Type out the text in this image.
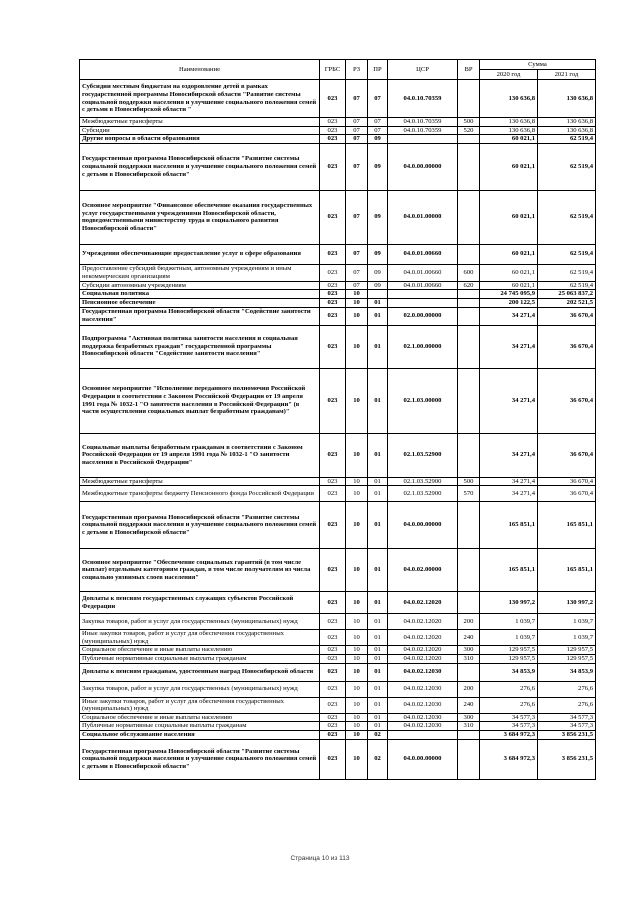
Наименование	ГРБС	РЗ	ПР	ЦСР	ВР	Сумма	
						2020 год	2021 год
Субсидии местным бюджетам на оздоровление детей в рамках государственной программы Новосибирской области "Развитие системы социальной поддержки населения и улучшение социального положения семей с детьми в Новосибирской области "	023	07	07	04.0.10.70359		130 636,8	130 636,8
Межбюджетные трансферты	023	07	07	04.0.10.70359	500	130 636,8	130 636,8
Субсидии	023	07	07	04.0.10.70359	520	130 636,8	130 636,8
Другие вопросы в области образования	023	07	09			60 021,1	62 519,4
Государственная программа Новосибирской области "Развитие системы социальной поддержки населения и улучшение социального положения семей с детьми в Новосибирской области"	023	07	09	04.0.00.00000		60 021,1	62 519,4
Основное мероприятие "Финансовое обеспечение оказания государственных услуг государственными учреждениями Новосибирской области, подведомственными министерству труда и социального развития Новосибирской области"	023	07	09	04.0.01.00000		60 021,1	62 519,4
Учреждения обеспечивающие предоставление услуг в сфере образования	023	07	09	04.0.01.00660		60 021,1	62 519,4
Предоставление субсидий бюджетным, автономным учреждениям и иным некоммерческим организациям	023	07	09	04.0.01.00660	600	60 021,1	62 519,4
Субсидии автономным учреждениям	023	07	09	04.0.01.00660	620	60 021,1	62 519,4
Социальная политика	023	10				24 745 095,9	25 063 837,2
Пенсионное обеспечение	023	10	01			200 122,5	202 521,5
Государственная программа Новосибирской области "Содействие занятости населения"	023	10	01	02.0.00.00000		34 271,4	36 670,4
Подпрограмма "Активная политика занятости населения и социальная поддержка безработных граждан" государственной программы Новосибирской области "Содействие занятости населения"	023	10	01	02.1.00.00000		34 271,4	36 670,4
Основное мероприятие "Исполнение переданного полномочия Российской Федерации в соответствии с Законом Российской Федерации от 19 апреля 1991 года № 1032-1 "О занятости населения в Российской Федерации" (в части осуществления социальных выплат безработным гражданам)"	023	10	01	02.1.03.00000		34 271,4	36 670,4
Социальные выплаты безработным гражданам в соответствии с Законом Российской Федерации от 19 апреля 1991 года № 1032-1 "О занятости населения в Российской Федерации"	023	10	01	02.1.03.52900		34 271,4	36 670,4
Межбюджетные трансферты	023	10	01	02.1.03.52900	500	34 271,4	36 670,4
Межбюджетные трансферты бюджету Пенсионного фонда Российской Федерации	023	10	01	02.1.03.52900	570	34 271,4	36 670,4
Государственная программа Новосибирской области "Развитие системы социальной поддержки населения и улучшение социального положения семей с детьми в Новосибирской области"	023	10	01	04.0.00.00000		165 851,1	165 851,1
Основное мероприятие "Обеспечение социальных гарантий (в том числе выплат) отдельным категориям граждан, в том числе получателям из числа социально уязвимых слоев населения"	023	10	01	04.0.02.00000		165 851,1	165 851,1
Доплаты к пенсиям государственных служащих субъектов Российской Федерации	023	10	01	04.0.02.12020		130 997,2	130 997,2
Закупка товаров, работ и услуг для государственных (муниципальных) нужд	023	10	01	04.0.02.12020	200	1 039,7	1 039,7
Иные закупки товаров, работ и услуг для обеспечения государственных (муниципальных) нужд	023	10	01	04.0.02.12020	240	1 039,7	1 039,7
Социальное обеспечение и иные выплаты населению	023	10	01	04.0.02.12020	300	129 957,5	129 957,5
Публичные нормативные социальные выплаты гражданам	023	10	01	04.0.02.12020	310	129 957,5	129 957,5
Доплаты к пенсиям гражданам, удостоенным наград Новосибирской области	023	10	01	04.0.02.12030		34 853,9	34 853,9
Закупка товаров, работ и услуг для государственных (муниципальных) нужд	023	10	01	04.0.02.12030	200	276,6	276,6
Иные закупки товаров, работ и услуг для обеспечения государственных (муниципальных) нужд	023	10	01	04.0.02.12030	240	276,6	276,6
Социальное обеспечение и иные выплаты населению	023	10	01	04.0.02.12030	300	34 577,3	34 577,3
Публичные нормативные социальные выплаты гражданам	023	10	01	04.0.02.12030	310	34 577,3	34 577,3
Социальное обслуживание населения	023	10	02			3 684 972,3	3 856 231,5
Государственная программа Новосибирской области "Развитие системы социальной поддержки населения и улучшение социального положения семей с детьми в Новосибирской области"	023	10	02	04.0.00.00000		3 684 972,3	3 856 231,5
Страница 10 из 113
